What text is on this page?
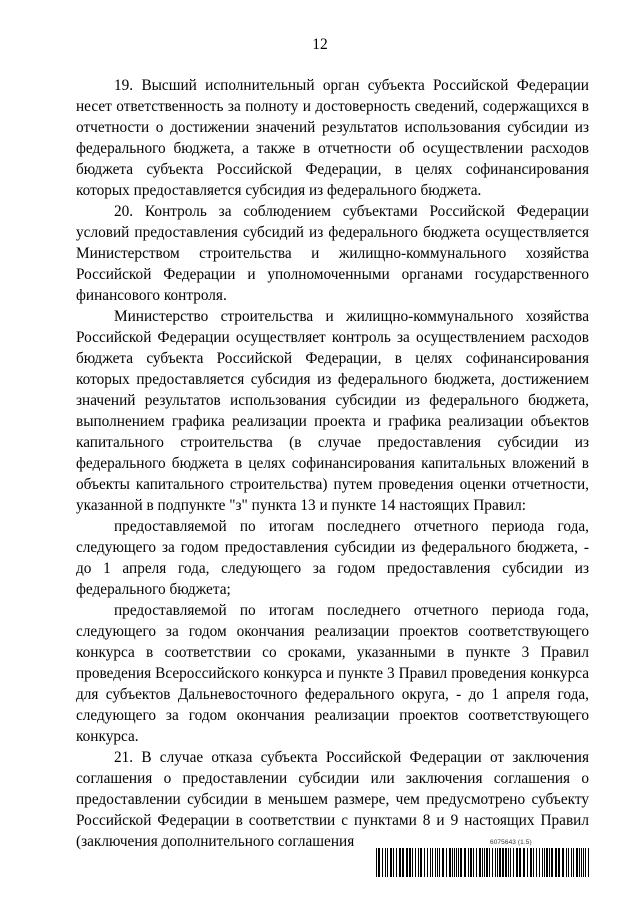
12

19. Высший исполнительный орган субъекта Российской Федерации несет ответственность за полноту и достоверность сведений, содержащихся в отчетности о достижении значений результатов использования субсидии из федерального бюджета, а также в отчетности об осуществлении расходов бюджета субъекта Российской Федерации, в целях софинансирования которых предоставляется субсидия из федерального бюджета.

20. Контроль за соблюдением субъектами Российской Федерации условий предоставления субсидий из федерального бюджета осуществляется Министерством строительства и жилищно-коммунального хозяйства Российской Федерации и уполномоченными органами государственного финансового контроля.

Министерство строительства и жилищно-коммунального хозяйства Российской Федерации осуществляет контроль за осуществлением расходов бюджета субъекта Российской Федерации, в целях софинансирования которых предоставляется субсидия из федерального бюджета, достижением значений результатов использования субсидии из федерального бюджета, выполнением графика реализации проекта и графика реализации объектов капитального строительства (в случае предоставления субсидии из федерального бюджета в целях софинансирования капитальных вложений в объекты капитального строительства) путем проведения оценки отчетности, указанной в подпункте "з" пункта 13 и пункте 14 настоящих Правил:

предоставляемой по итогам последнего отчетного периода года, следующего за годом предоставления субсидии из федерального бюджета, - до 1 апреля года, следующего за годом предоставления субсидии из федерального бюджета;

предоставляемой по итогам последнего отчетного периода года, следующего за годом окончания реализации проектов соответствующего конкурса в соответствии со сроками, указанными в пункте 3 Правил проведения Всероссийского конкурса и пункте 3 Правил проведения конкурса для субъектов Дальневосточного федерального округа, - до 1 апреля года, следующего за годом окончания реализации проектов соответствующего конкурса.

21. В случае отказа субъекта Российской Федерации от заключения соглашения о предоставлении субсидии или заключения соглашения о предоставлении субсидии в меньшем размере, чем предусмотрено субъекту Российской Федерации в соответствии с пунктами 8 и 9 настоящих Правил (заключения дополнительного соглашения	6075643 (1.5)
